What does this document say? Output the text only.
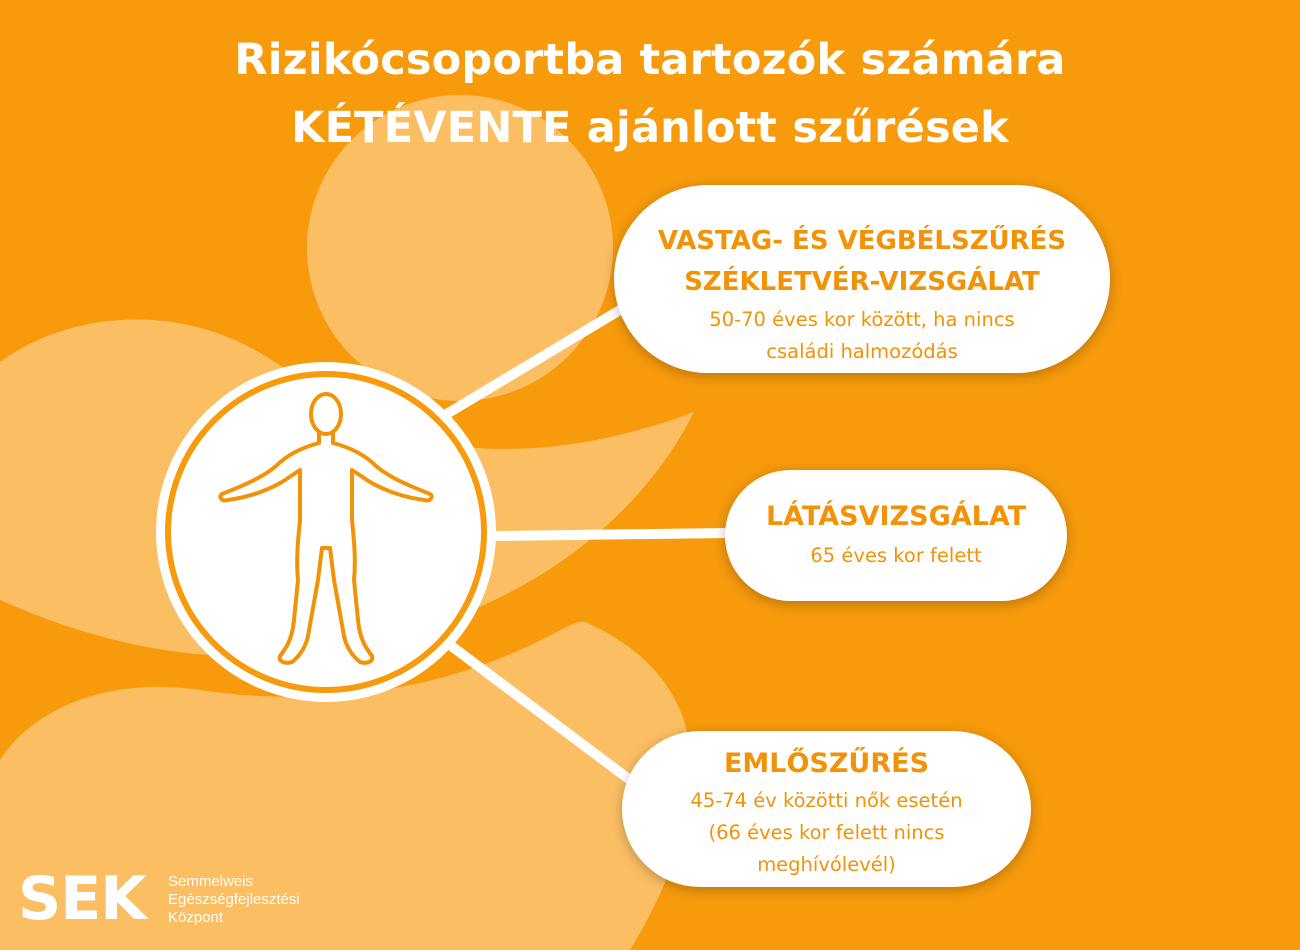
Rizikócsoportba tartozók számára
KÉTÉVENTE ajánlott szűrések
VASTAG- ÉS VÉGBÉLSZŰRÉS
SZÉKLETVÉR-VIZSGÁLAT
50-70 éves kor között, ha nincs
családi halmozódás
LÁTÁSVIZSGÁLAT
65 éves kor felett
EMLŐSZŰRÉS
45-74 év közötti nők esetén
(66 éves kor felett nincs
meghívólevél)
SEK Semmelweis
Egészségfejlesztési
Központ
